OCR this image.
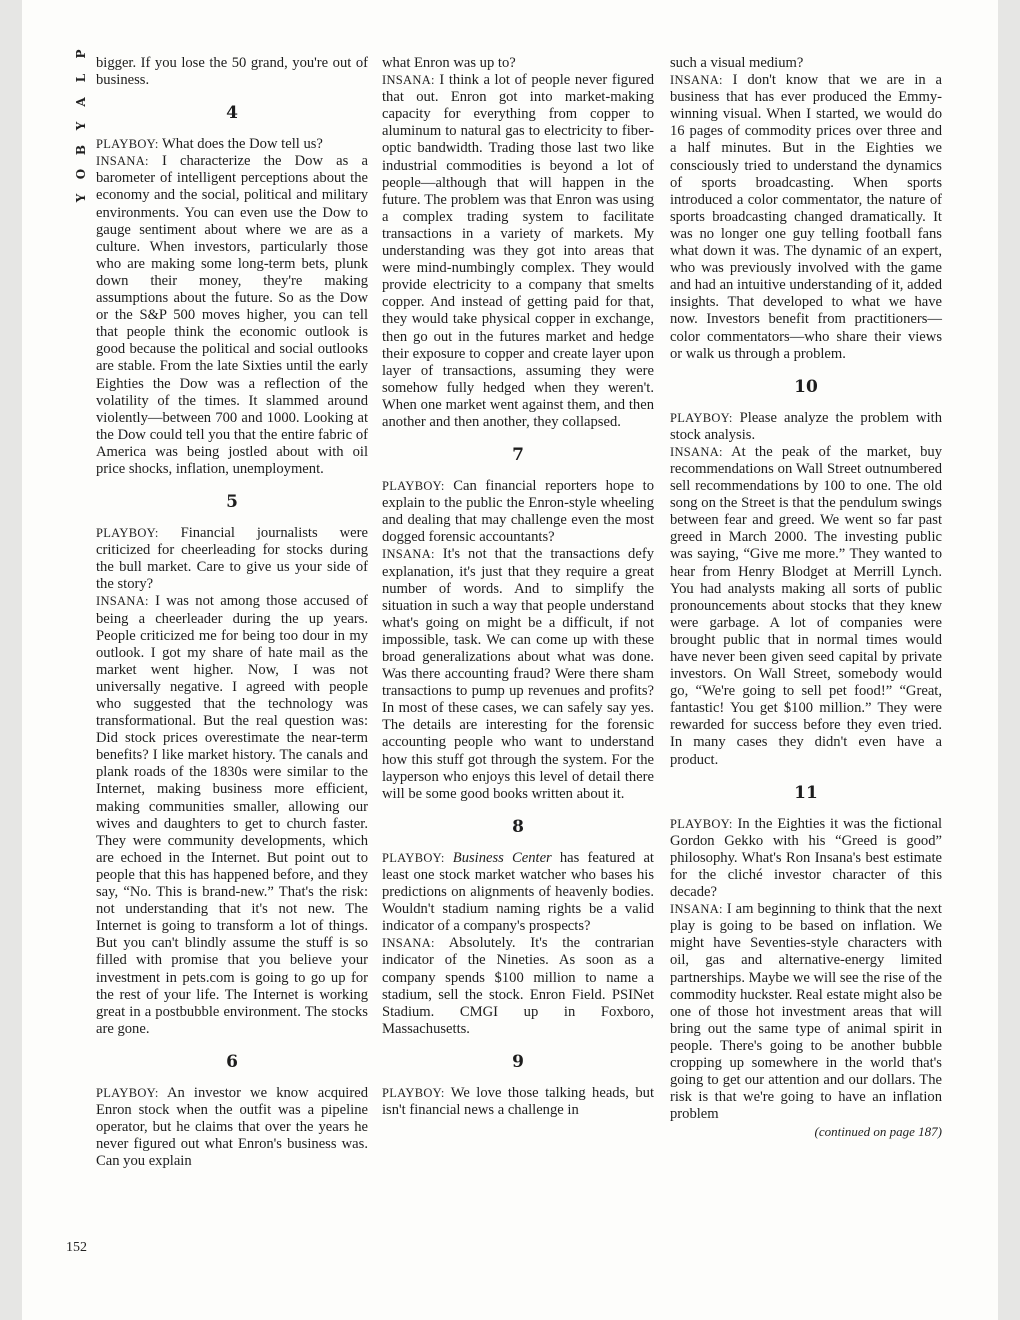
P
L
A
Y
B
O
Y
152

bigger. If you lose the 50 grand, you're out of business.

4

PLAYBOY: What does the Dow tell us?

INSANA: I characterize the Dow as a barometer of intelligent perceptions about the economy and the social, political and military environments. You can even use the Dow to gauge sentiment about where we are as a culture. When investors, particularly those who are making some long-term bets, plunk down their money, they're making assumptions about the future. So as the Dow or the S&P 500 moves higher, you can tell that people think the economic outlook is good because the political and social outlooks are stable. From the late Sixties until the early Eighties the Dow was a reflection of the volatility of the times. It slammed around violently—between 700 and 1000. Looking at the Dow could tell you that the entire fabric of America was being jostled about with oil price shocks, inflation, unemployment.

5

PLAYBOY: Financial journalists were criticized for cheerleading for stocks during the bull market. Care to give us your side of the story?

INSANA: I was not among those accused of being a cheerleader during the up years. People criticized me for being too dour in my outlook. I got my share of hate mail as the market went higher. Now, I was not universally negative. I agreed with people who suggested that the technology was transformational. But the real question was: Did stock prices overestimate the near-term benefits? I like market history. The canals and plank roads of the 1830s were similar to the Internet, making business more efficient, making communities smaller, allowing our wives and daughters to get to church faster. They were community developments, which are echoed in the Internet. But point out to people that this has happened before, and they say, “No. This is brand-new.” That's the risk: not understanding that it's not new. The Internet is going to transform a lot of things. But you can't blindly assume the stuff is so filled with promise that you believe your investment in pets.com is going to go up for the rest of your life. The Internet is working great in a postbubble environment. The stocks are gone.

6

PLAYBOY: An investor we know acquired Enron stock when the outfit was a pipeline operator, but he claims that over the years he never figured out what Enron's business was. Can you explain

what Enron was up to?

INSANA: I think a lot of people never figured that out. Enron got into market-making capacity for everything from copper to aluminum to natural gas to electricity to fiber-optic bandwidth. Trading those last two like industrial commodities is beyond a lot of people—although that will happen in the future. The problem was that Enron was using a complex trading system to facilitate transactions in a variety of markets. My understanding was they got into areas that were mind-numbingly complex. They would provide electricity to a company that smelts copper. And instead of getting paid for that, they would take physical copper in exchange, then go out in the futures market and hedge their exposure to copper and create layer upon layer of transactions, assuming they were somehow fully hedged when they weren't. When one market went against them, and then another and then another, they collapsed.

7

PLAYBOY: Can financial reporters hope to explain to the public the Enron-style wheeling and dealing that may challenge even the most dogged forensic accountants?

INSANA: It's not that the transactions defy explanation, it's just that they require a great number of words. And to simplify the situation in such a way that people understand what's going on might be a difficult, if not impossible, task. We can come up with these broad generalizations about what was done. Was there accounting fraud? Were there sham transactions to pump up revenues and profits? In most of these cases, we can safely say yes. The details are interesting for the forensic accounting people who want to understand how this stuff got through the system. For the layperson who enjoys this level of detail there will be some good books written about it.

8

PLAYBOY: Business Center has featured at least one stock market watcher who bases his predictions on alignments of heavenly bodies. Wouldn't stadium naming rights be a valid indicator of a company's prospects?

INSANA: Absolutely. It's the contrarian indicator of the Nineties. As soon as a company spends $100 million to name a stadium, sell the stock. Enron Field. PSINet Stadium. CMGI up in Foxboro, Massachusetts.

9

PLAYBOY: We love those talking heads, but isn't financial news a challenge in

such a visual medium?

INSANA: I don't know that we are in a business that has ever produced the Emmy-winning visual. When I started, we would do 16 pages of commodity prices over three and a half minutes. But in the Eighties we consciously tried to understand the dynamics of sports broadcasting. When sports introduced a color commentator, the nature of sports broadcasting changed dramatically. It was no longer one guy telling football fans what down it was. The dynamic of an expert, who was previously involved with the game and had an intuitive understanding of it, added insights. That developed to what we have now. Investors benefit from practitioners—color commentators—who share their views or walk us through a problem.

10

PLAYBOY: Please analyze the problem with stock analysis.

INSANA: At the peak of the market, buy recommendations on Wall Street outnumbered sell recommendations by 100 to one. The old song on the Street is that the pendulum swings between fear and greed. We went so far past greed in March 2000. The investing public was saying, “Give me more.” They wanted to hear from Henry Blodget at Merrill Lynch. You had analysts making all sorts of public pronouncements about stocks that they knew were garbage. A lot of companies were brought public that in normal times would have never been given seed capital by private investors. On Wall Street, somebody would go, “We're going to sell pet food!” “Great, fantastic! You get $100 million.” They were rewarded for success before they even tried. In many cases they didn't even have a product.

11

PLAYBOY: In the Eighties it was the fictional Gordon Gekko with his “Greed is good” philosophy. What's Ron Insana's best estimate for the cliché investor character of this decade?

INSANA: I am beginning to think that the next play is going to be based on inflation. We might have Seventies-style characters with oil, gas and alternative-energy limited partnerships. Maybe we will see the rise of the commodity huckster. Real estate might also be one of those hot investment areas that will bring out the same type of animal spirit in people. There's going to be another bubble cropping up somewhere in the world that's going to get our attention and our dollars. The risk is that we're going to have an inflation problem

(continued on page 187)
